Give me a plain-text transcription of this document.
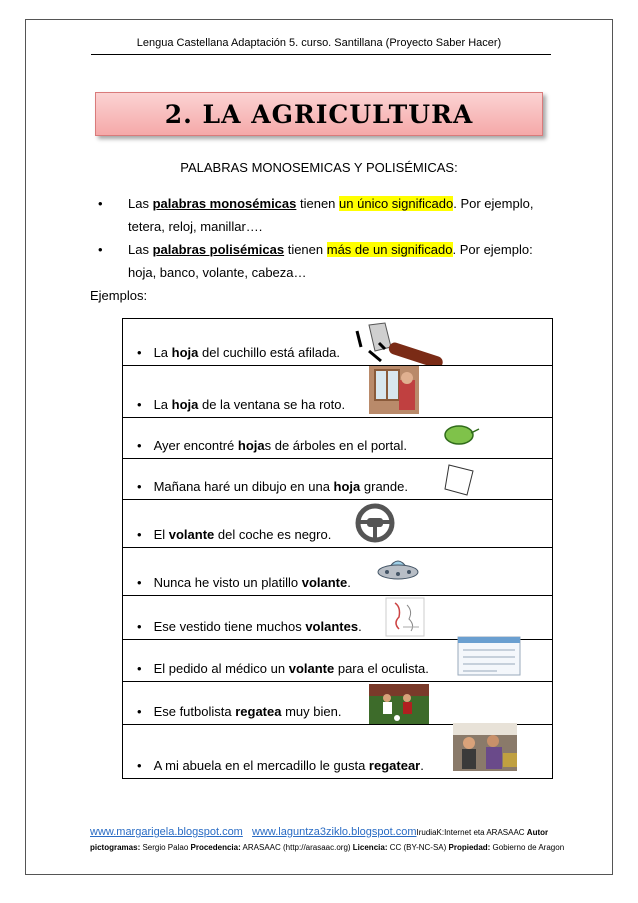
Lengua Castellana Adaptación 5. curso. Santillana (Proyecto Saber Hacer)
2. LA AGRICULTURA
PALABRAS MONOSEMICAS Y POLISÉMICAS:
• Las palabras monosémicas tienen un único significado. Por ejemplo, tetera, reloj, manillar….
• Las palabras polisémicas tienen más de un significado. Por ejemplo: hoja, banco, volante, cabeza…
Ejemplos:
• La hoja del cuchillo está afilada.
• La hoja de la ventana se ha roto.
• Ayer encontré hojas de árboles en el portal.
• Mañana haré un dibujo en una hoja grande.
• El volante del coche es negro.
• Nunca he visto un platillo volante.
• Ese vestido tiene muchos volantes.
• El pedido al médico un volante para el oculista.
• Ese futbolista regatea muy bien.
• A mi abuela en el mercadillo le gusta regatear.
www.margarigela.blogspot.com www.laguntza3ziklo.blogspot.comIrudiaK:Internet eta ARASAAC Autor
pictogramas: Sergio Palao Procedencia: ARASAAC (http://arasaac.org) Licencia: CC (BY-NC-SA) Propiedad: Gobierno de Aragon
